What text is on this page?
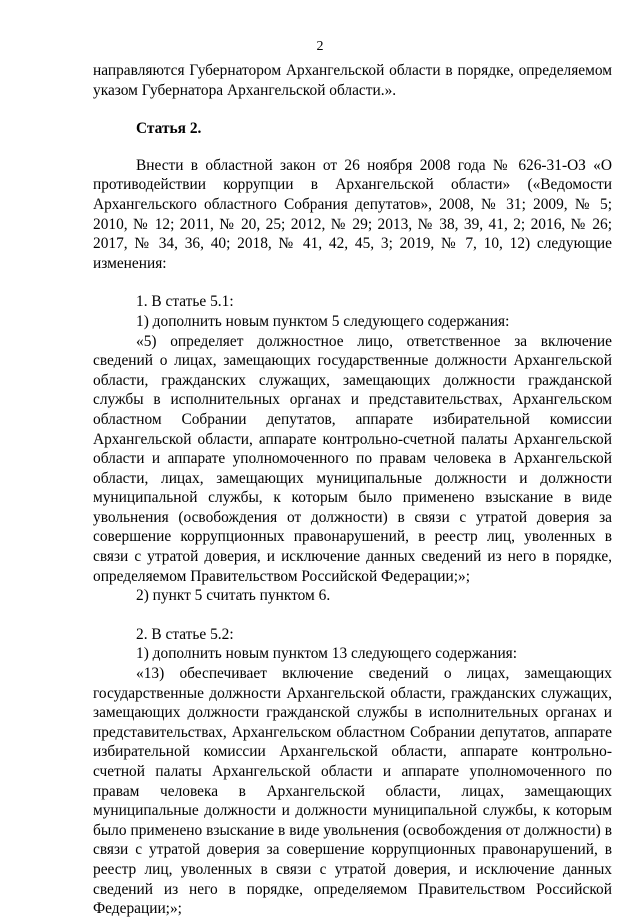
2

направляются Губернатором Архангельской области в порядке, определяемом указом Губернатора Архангельской области.».

Статья 2.

Внести в областной закон от 26 ноября 2008 года № 626-31-ОЗ «О противодействии коррупции в Архангельской области» («Ведомости Архангельского областного Собрания депутатов», 2008, № 31; 2009, № 5; 2010, № 12; 2011, № 20, 25; 2012, № 29; 2013, № 38, 39, 41, 2; 2016, № 26; 2017, № 34, 36, 40; 2018, № 41, 42, 45, 3; 2019, № 7, 10, 12) следующие изменения:

1. В статье 5.1:

1) дополнить новым пунктом 5 следующего содержания:

«5) определяет должностное лицо, ответственное за включение сведений о лицах, замещающих государственные должности Архангельской области, гражданских служащих, замещающих должности гражданской службы в исполнительных органах и представительствах, Архангельском областном Собрании депутатов, аппарате избирательной комиссии Архангельской области, аппарате контрольно-счетной палаты Архангельской области и аппарате уполномоченного по правам человека в Архангельской области, лицах, замещающих муниципальные должности и должности муниципальной службы, к которым было применено взыскание в виде увольнения (освобождения от должности) в связи с утратой доверия за совершение коррупционных правонарушений, в реестр лиц, уволенных в связи с утратой доверия, и исключение данных сведений из него в порядке, определяемом Правительством Российской Федерации;»;

2) пункт 5 считать пунктом 6.

2. В статье 5.2:

1) дополнить новым пунктом 13 следующего содержания:

«13) обеспечивает включение сведений о лицах, замещающих государственные должности Архангельской области, гражданских служащих, замещающих должности гражданской службы в исполнительных органах и представительствах, Архангельском областном Собрании депутатов, аппарате избирательной комиссии Архангельской области, аппарате контрольно-счетной палаты Архангельской области и аппарате уполномоченного по правам человека в Архангельской области, лицах, замещающих муниципальные должности и должности муниципальной службы, к которым было применено взыскание в виде увольнения (освобождения от должности) в связи с утратой доверия за совершение коррупционных правонарушений, в реестр лиц, уволенных в связи с утратой доверия, и исключение данных сведений из него в порядке, определяемом Правительством Российской Федерации;»;
